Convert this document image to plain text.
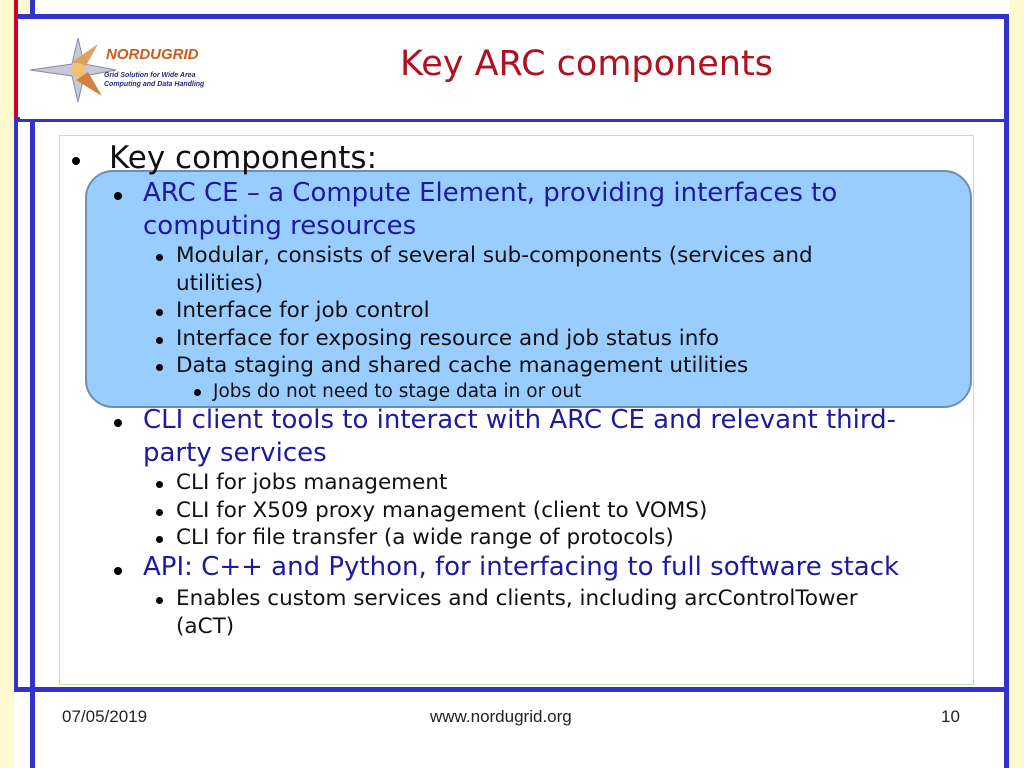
NORDUGRID
Grid Solution for Wide Area
Computing and Data Handling
Key ARC components
Key components:
ARC CE – a Compute Element, providing interfaces to
computing resources
Modular, consists of several sub-components (services and
utilities)
Interface for job control
Interface for exposing resource and job status info
Data staging and shared cache management utilities
Jobs do not need to stage data in or out
CLI client tools to interact with ARC CE and relevant third-
party services
CLI for jobs management
CLI for X509 proxy management (client to VOMS)
CLI for file transfer (a wide range of protocols)
API: C++ and Python, for interfacing to full software stack
Enables custom services and clients, including arcControlTower
(aCT)
07/05/2019	www.nordugrid.org	10
